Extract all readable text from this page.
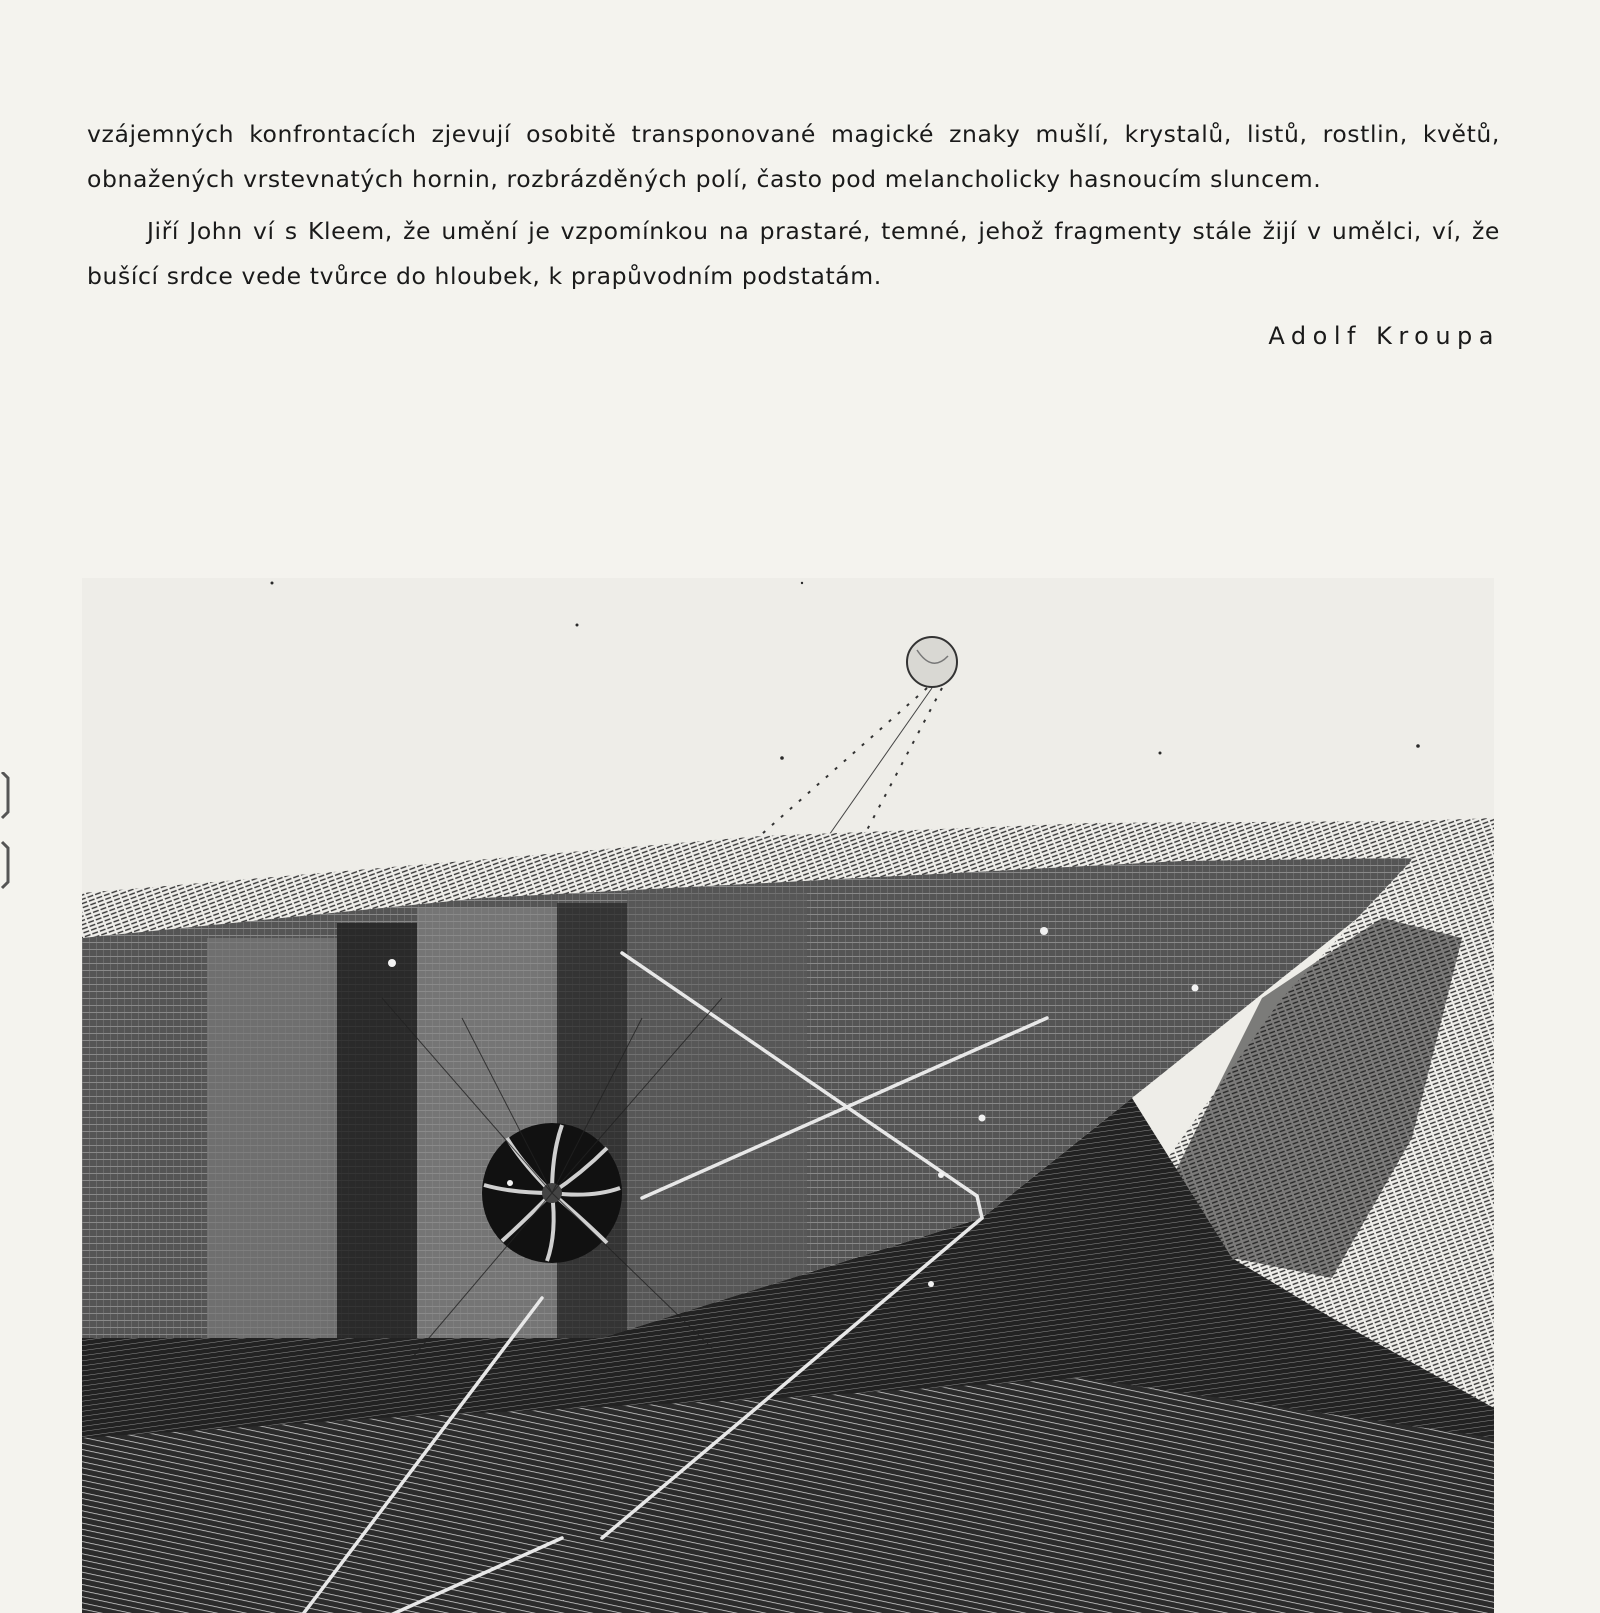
vzájemných konfrontacích zjevují osobitě transponované magické znaky mušlí, krystalů, listů, rostlin, květů, obnažených vrstevnatých hornin, rozbrázděných polí, často pod melancholicky hasnoucím sluncem.

Jiří John ví s Kleem, že umění je vzpomínkou na prastaré, temné, jehož fragmenty stále žijí v umělci, ví, že bušící srdce vede tvůrce do hloubek, k prapůvodním podstatám.

Adolf Kroupa
